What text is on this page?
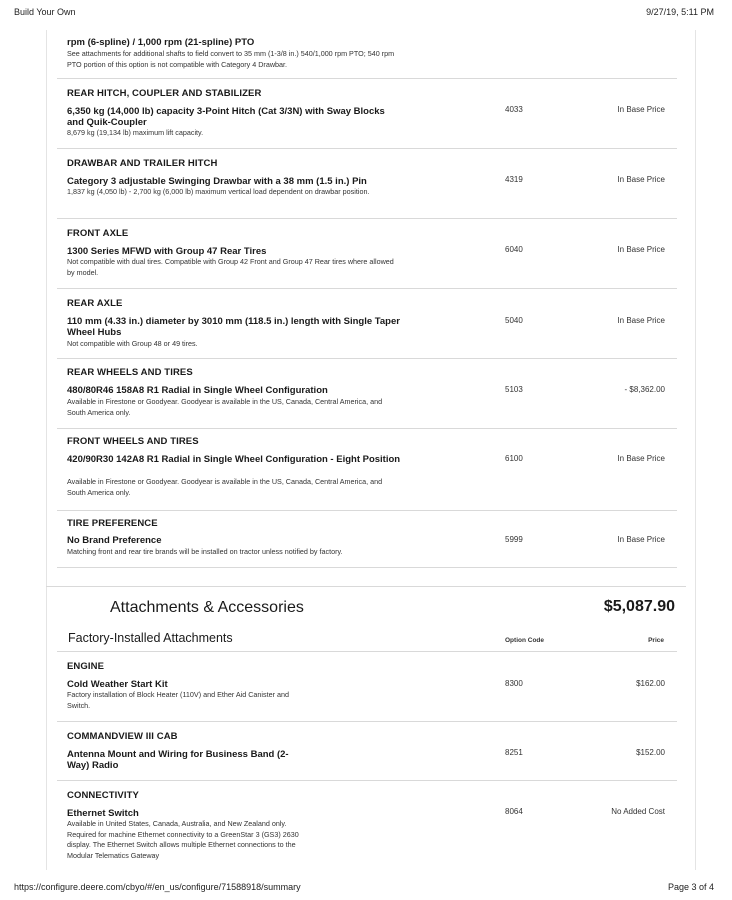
Build Your Own	9/27/19, 5:11 PM
rpm (6-spline) / 1,000 rpm (21-spline) PTO
See attachments for additional shafts to field convert to 35 mm (1-3/8 in.) 540/1,000 rpm PTO; 540 rpm PTO portion of this option is not compatible with Category 4 Drawbar.
REAR HITCH, COUPLER AND STABILIZER
6,350 kg (14,000 lb) capacity 3-Point Hitch (Cat 3/3N) with Sway Blocks and Quik-Coupler
8,679 kg (19,134 lb) maximum lift capacity.
4033	In Base Price
DRAWBAR AND TRAILER HITCH
Category 3 adjustable Swinging Drawbar with a 38 mm (1.5 in.) Pin
1,837 kg (4,050 lb) - 2,700 kg (6,000 lb) maximum vertical load dependent on drawbar position.
4319	In Base Price
FRONT AXLE
1300 Series MFWD with Group 47 Rear Tires
Not compatible with dual tires. Compatible with Group 42 Front and Group 47 Rear tires where allowed by model.
6040	In Base Price
REAR AXLE
110 mm (4.33 in.) diameter by 3010 mm (118.5 in.) length with Single Taper Wheel Hubs
Not compatible with Group 48 or 49 tires.
5040	In Base Price
REAR WHEELS AND TIRES
480/80R46 158A8 R1 Radial in Single Wheel Configuration
Available in Firestone or Goodyear. Goodyear is available in the US, Canada, Central America, and South America only.
5103	- $8,362.00
FRONT WHEELS AND TIRES
420/90R30 142A8 R1 Radial in Single Wheel Configuration - Eight Position
Available in Firestone or Goodyear. Goodyear is available in the US, Canada, Central America, and South America only.
6100	In Base Price
TIRE PREFERENCE
No Brand Preference
Matching front and rear tire brands will be installed on tractor unless notified by factory.
5999	In Base Price
Attachments & Accessories	$5,087.90
Factory-Installed Attachments	Option Code	Price
ENGINE
Cold Weather Start Kit
Factory installation of Block Heater (110V) and Ether Aid Canister and Switch.
8300	$162.00
COMMANDVIEW III CAB
Antenna Mount and Wiring for Business Band (2-Way) Radio
8251	$152.00
CONNECTIVITY
Ethernet Switch
Available in United States, Canada, Australia, and New Zealand only. Required for machine Ethernet connectivity to a GreenStar 3 (GS3) 2630 display. The Ethernet Switch allows multiple Ethernet connections to the Modular Telematics Gateway
8064	No Added Cost
https://configure.deere.com/cbyo/#/en_us/configure/71588918/summary	Page 3 of 4
